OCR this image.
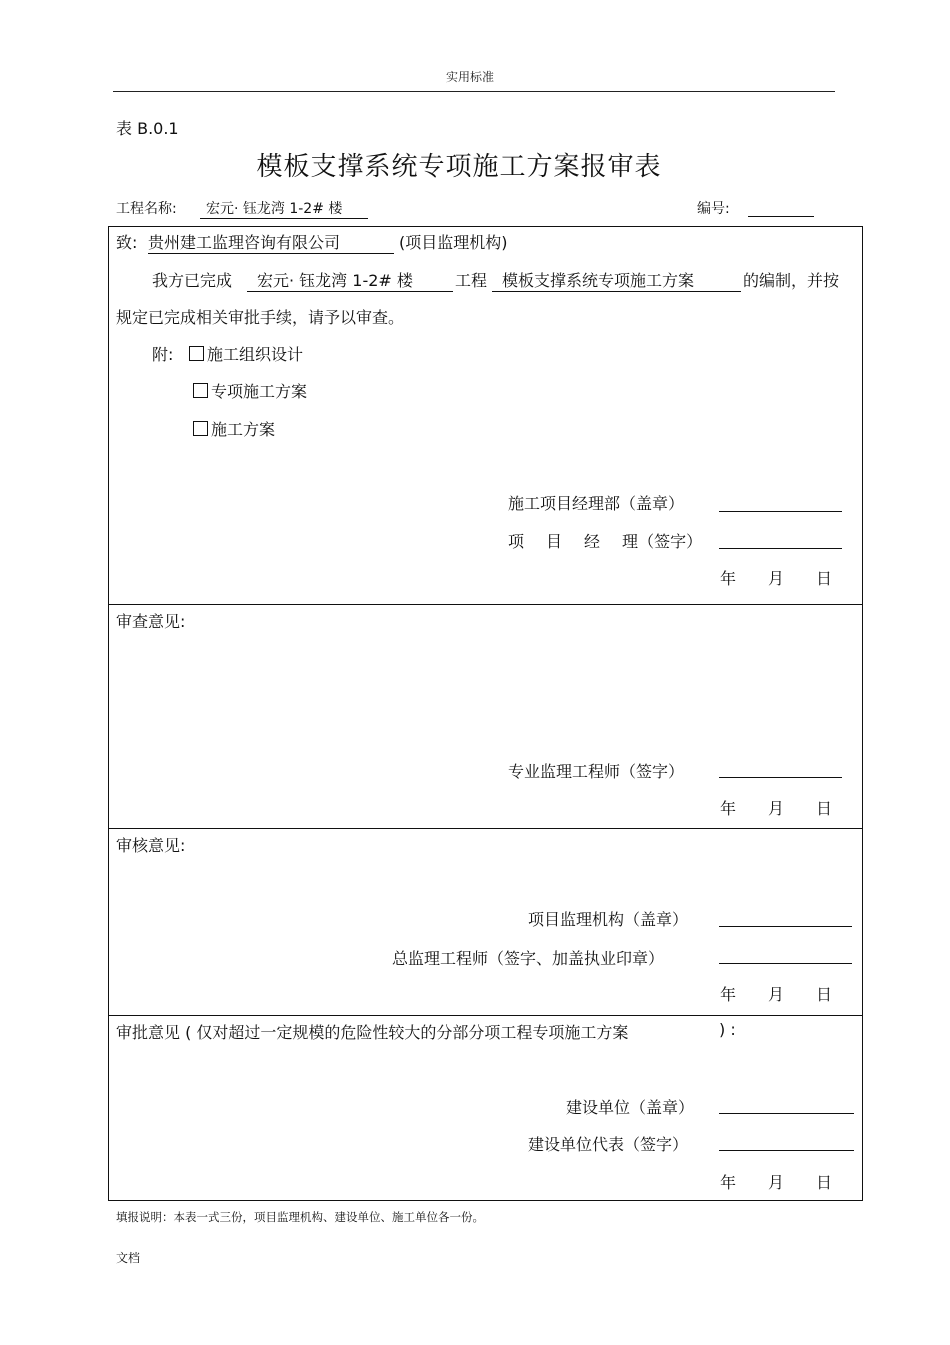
实用标准
表 B.0.1
模板支撑系统专项施工方案报审表
工程名称:	宏元· 钰龙湾 1-2# 楼	编号:
致: 贵州建工监理咨询有限公司	(项目监理机构)
我方已完成	宏元· 钰龙湾 1-2# 楼	工程 模板支撑系统专项施工方案	的编制，并按
规定已完成相关审批手续，请予以审查。
附:	施工组织设计
专项施工方案
施工方案
施工项目经理部（盖章）
项 目 经 理（签字）
年 月 日
审查意见:
专业监理工程师（签字）
年 月 日
审核意见:
项目监理机构（盖章）
总监理工程师（签字、加盖执业印章）
年 月 日
审批意见 ( 仅对超过一定规模的危险性较大的分部分项工程专项施工方案	) :
建设单位（盖章）
建设单位代表（签字）
年 月 日
填报说明：本表一式三份，项目监理机构、建设单位、施工单位各一份。
文档
